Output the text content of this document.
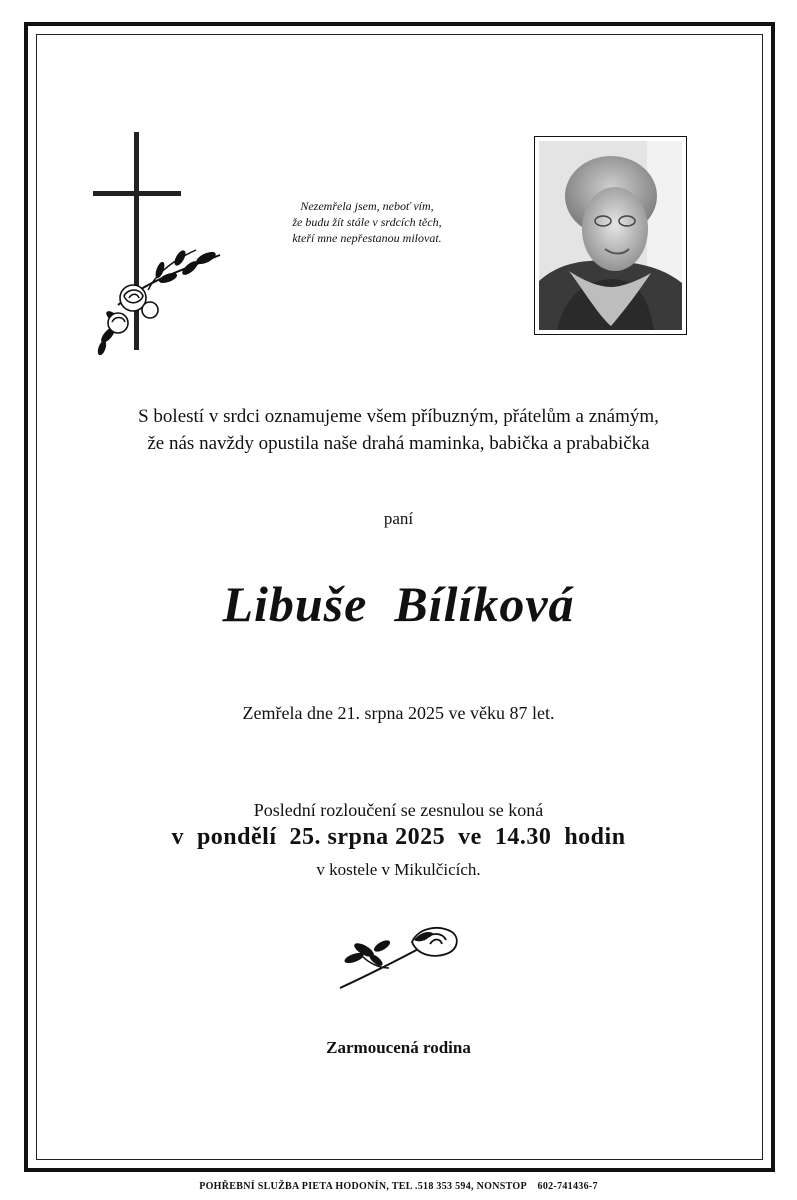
Nezemřela jsem, neboť vím,
že budu žít stále v srdcích těch,
kteří mne nepřestanou milovat.
S bolestí v srdci oznamujeme všem příbuzným, přátelům a známým,
že nás navždy opustila naše drahá maminka, babička a prababička
paní
Libuše  Bílíková
Zemřela dne 21. srpna 2025 ve věku 87 let.
Poslední rozloučení se zesnulou se koná
v  pondělí  25. srpna 2025  ve  14.30  hodin
v kostele v Mikulčicích.
Zarmoucená rodina
POHŘEBNÍ SLUŽBA PIETA HODONÍN, TEL .518 353 594, NONSTOP    602-741436-7
